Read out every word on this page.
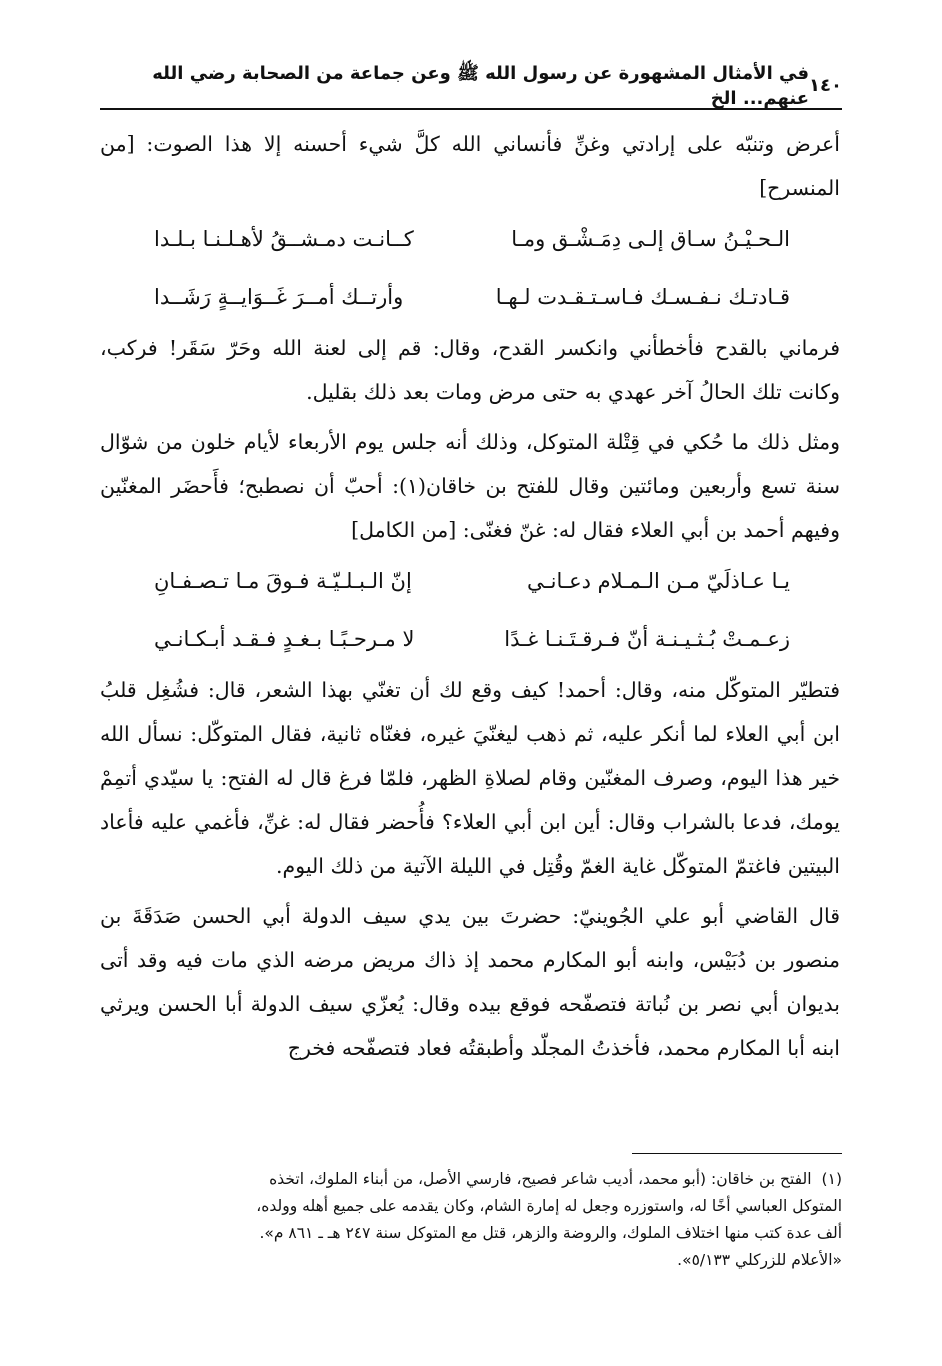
١٤٠
في الأمثال المشهورة عن رسول الله ﷺ وعن جماعة من الصحابة رضي الله عنهم... الخ

أعرض وتنبّه على إرادتي وغنِّ فأنساني الله كلَّ شيء أحسنه إلا هذا الصوت: [من المنسرح]

الـحـيْـنُ سـاق إلـى دِمَـشْـق ومـا
كــانـت دمـشــقُ لأهـلـنـا بـلـدا
قـادتـك نـفـسـك فـاسـتـقـدت لـهـا
وأرتــك أمــرَ غَــوَايــةٍ رَشَــدا

فرماني بالقدح فأخطأني وانكسر القدح، وقال: قم إلى لعنة الله وحَرّ سَقَر! فركب، وكانت تلك الحالُ آخر عهدي به حتى مرض ومات بعد ذلك بقليل.

ومثل ذلك ما حُكي في قِتْلة المتوكل، وذلك أنه جلس يوم الأربعاء لأيام خلون من شوّال سنة تسع وأربعين ومائتين وقال للفتح بن خاقان(١): أحبّ أن نصطبح؛ فأَحضَر المغنّين وفيهم أحمد بن أبي العلاء فقال له: غنّ فغنّى: [من الكامل]

يـا عـاذلَيّ مـن الـمـلام دعـانـي
إنّ الـبـلـيّـة فـوقَ مـا تـصـفـانِ
زعـمـتْ بُـثـيـنـة أنّ فـرقـتَـنـا غـدًا
لا مـرحـبًـا بـغـدٍ فـقـد أبـكـانـي

فتطيّر المتوكّل منه، وقال: أحمد! كيف وقع لك أن تغنّي بهذا الشعر، قال: فشُغِل قلبُ ابن أبي العلاء لما أنكر عليه، ثم ذهب ليغنّيَ غيره، فغنّاه ثانية، فقال المتوكّل: نسأل الله خير هذا اليوم، وصرف المغنّين وقام لصلاةِ الظهر، فلمّا فرغ قال له الفتح: يا سيّدي أتمِمْ يومك، فدعا بالشراب وقال: أين ابن أبي العلاء؟ فأُحضر فقال له: غنِّ، فأغمي عليه فأعاد البيتين فاغتمّ المتوكّل غاية الغمّ وقُتِل في الليلة الآتية من ذلك اليوم.

قال القاضي أبو علي الجُوينيّ: حضرتَ بين يدي سيف الدولة أبي الحسن صَدَقَةَ بن منصور بن دُبَيْس، وابنه أبو المكارم محمد إذ ذاك مريض مرضه الذي مات فيه وقد أتى بديوان أبي نصر بن نُباتة فتصفّحه فوقع بيده وقال: يُعزّي سيف الدولة أبا الحسن ويرثي ابنه أبا المكارم محمد، فأخذتُ المجلّد وأطبقتُه فعاد فتصفّحه فخرج

(١)الفتح بن خاقان: (أبو محمد، أديب شاعر فصيح، فارسي الأصل، من أبناء الملوك، اتخذه
المتوكل العباسي أخًا له، واستوزره وجعل له إمارة الشام، وكان يقدمه على جميع أهله وولده،
ألف عدة كتب منها اختلاف الملوك، والروضة والزهر، قتل مع المتوكل سنة ٢٤٧ هـ ـ ٨٦١ م».
«الأعلام للزركلي ٥/١٣٣».
